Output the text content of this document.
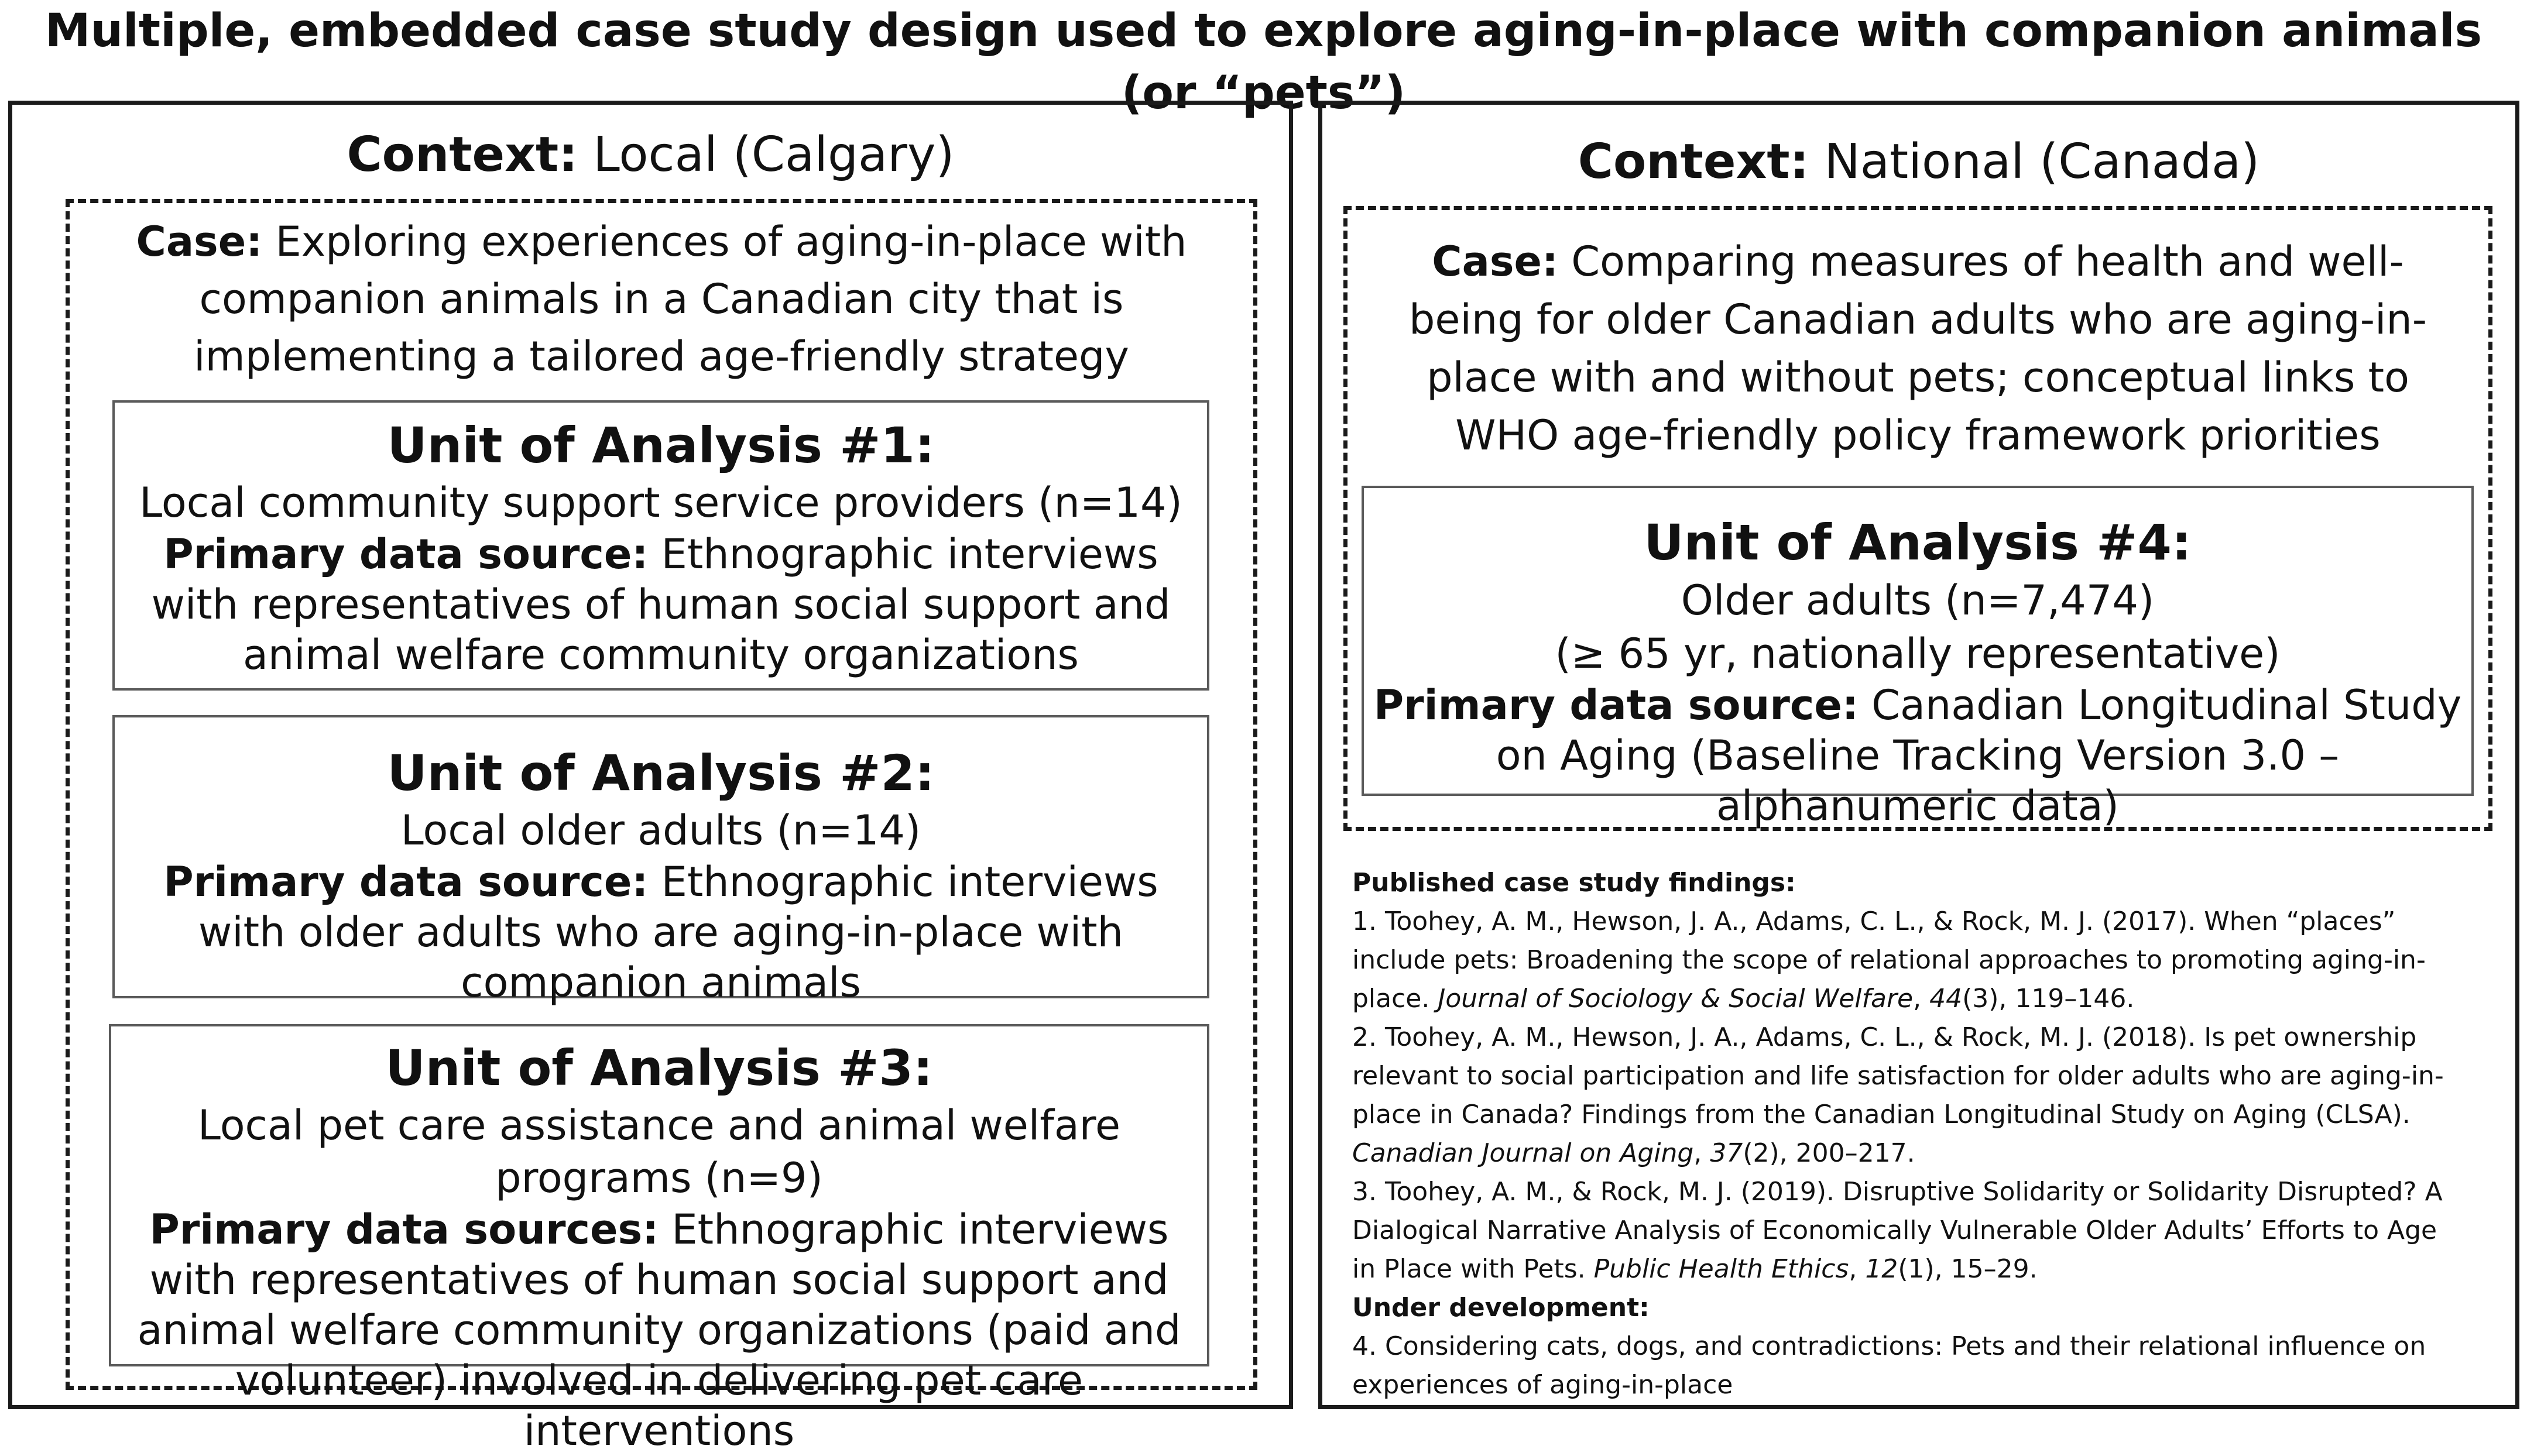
Multiple, embedded case study design used to explore aging-in-place with companion animals (or “pets”)
Context: Local (Calgary)
Case: Exploring experiences of aging-in-place with companion animals in a Canadian city that is implementing a tailored age-friendly strategy
Unit of Analysis #1:
Local community support service providers (n=14)
Primary data source: Ethnographic interviews with representatives of human social support and animal welfare community organizations
Unit of Analysis #2:
Local older adults (n=14)
Primary data source: Ethnographic interviews with older adults who are aging-in-place with companion animals
Unit of Analysis #3:
Local pet care assistance and animal welfare programs (n=9)
Primary data sources: Ethnographic interviews with representatives of human social support and animal welfare community organizations (paid and volunteer) involved in delivering pet care interventions
Context: National (Canada)
Case: Comparing measures of health and well-being for older Canadian adults who are aging-in-place with and without pets; conceptual links to WHO age-friendly policy framework priorities
Unit of Analysis #4:
Older adults (n=7,474)
(≥ 65 yr, nationally representative)
Primary data source: Canadian Longitudinal Study on Aging (Baseline Tracking Version 3.0 – alphanumeric data)

Published case study findings:

1. Toohey, A. M., Hewson, J. A., Adams, C. L., & Rock, M. J. (2017). When “places” include pets: Broadening the scope of relational approaches to promoting aging-in-place. Journal of Sociology & Social Welfare, 44(3), 119–146.

2. Toohey, A. M., Hewson, J. A., Adams, C. L., & Rock, M. J. (2018). Is pet ownership relevant to social participation and life satisfaction for older adults who are aging-in-place in Canada? Findings from the Canadian Longitudinal Study on Aging (CLSA). Canadian Journal on Aging, 37(2), 200–217.

3. Toohey, A. M., & Rock, M. J. (2019). Disruptive Solidarity or Solidarity Disrupted? A Dialogical Narrative Analysis of Economically Vulnerable Older Adults’ Efforts to Age in Place with Pets. Public Health Ethics, 12(1), 15–29.

Under development:

4. Considering cats, dogs, and contradictions: Pets and their relational influence on experiences of aging-in-place
